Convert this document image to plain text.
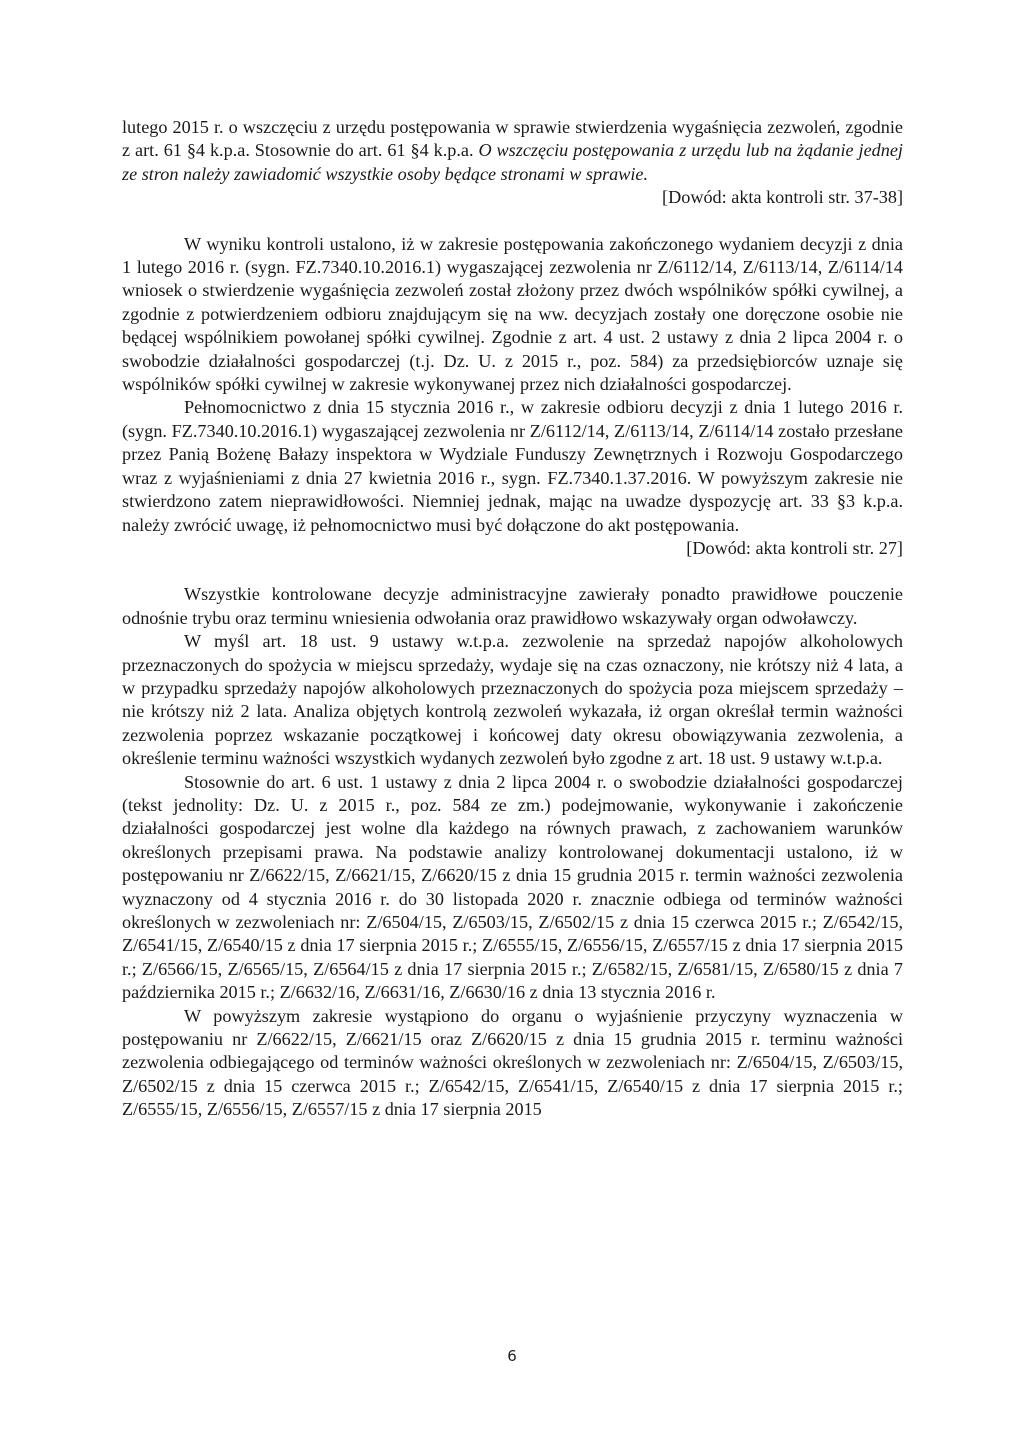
lutego 2015 r. o wszczęciu z urzędu postępowania w sprawie stwierdzenia wygaśnięcia zezwoleń, zgodnie z art. 61 §4 k.p.a. Stosownie do art. 61 §4 k.p.a. O wszczęciu postępowania z urzędu lub na żądanie jednej ze stron należy zawiadomić wszystkie osoby będące stronami w sprawie.

[Dowód: akta kontroli str. 37-38]

W wyniku kontroli ustalono, iż w zakresie postępowania zakończonego wydaniem decyzji z dnia 1 lutego 2016 r. (sygn. FZ.7340.10.2016.1) wygaszającej zezwolenia nr Z/6112/14, Z/6113/14, Z/6114/14 wniosek o stwierdzenie wygaśnięcia zezwoleń został złożony przez dwóch wspólników spółki cywilnej, a zgodnie z potwierdzeniem odbioru znajdującym się na ww. decyzjach zostały one doręczone osobie nie będącej wspólnikiem powołanej spółki cywilnej. Zgodnie z art. 4 ust. 2 ustawy z dnia 2 lipca 2004 r. o swobodzie działalności gospodarczej (t.j. Dz. U. z 2015 r., poz. 584) za przedsiębiorców uznaje się wspólników spółki cywilnej w zakresie wykonywanej przez nich działalności gospodarczej.

Pełnomocnictwo z dnia 15 stycznia 2016 r., w zakresie odbioru decyzji z dnia 1 lutego 2016 r. (sygn. FZ.7340.10.2016.1) wygaszającej zezwolenia nr Z/6112/14, Z/6113/14, Z/6114/14 zostało przesłane przez Panią Bożenę Bałazy inspektora w Wydziale Funduszy Zewnętrznych i Rozwoju Gospodarczego wraz z wyjaśnieniami z dnia 27 kwietnia 2016 r., sygn. FZ.7340.1.37.2016. W powyższym zakresie nie stwierdzono zatem nieprawidłowości. Niemniej jednak, mając na uwadze dyspozycję art. 33 §3 k.p.a. należy zwrócić uwagę, iż pełnomocnictwo musi być dołączone do akt postępowania.

[Dowód: akta kontroli str. 27]

Wszystkie kontrolowane decyzje administracyjne zawierały ponadto prawidłowe pouczenie odnośnie trybu oraz terminu wniesienia odwołania oraz prawidłowo wskazywały organ odwoławczy.

W myśl art. 18 ust. 9 ustawy w.t.p.a. zezwolenie na sprzedaż napojów alkoholowych przeznaczonych do spożycia w miejscu sprzedaży, wydaje się na czas oznaczony, nie krótszy niż 4 lata, a w przypadku sprzedaży napojów alkoholowych przeznaczonych do spożycia poza miejscem sprzedaży – nie krótszy niż 2 lata. Analiza objętych kontrolą zezwoleń wykazała, iż organ określał termin ważności zezwolenia poprzez wskazanie początkowej i końcowej daty okresu obowiązywania zezwolenia, a określenie terminu ważności wszystkich wydanych zezwoleń było zgodne z art. 18 ust. 9 ustawy w.t.p.a.

Stosownie do art. 6 ust. 1 ustawy z dnia 2 lipca 2004 r. o swobodzie działalności gospodarczej (tekst jednolity: Dz. U. z 2015 r., poz. 584 ze zm.) podejmowanie, wykonywanie i zakończenie działalności gospodarczej jest wolne dla każdego na równych prawach, z zachowaniem warunków określonych przepisami prawa. Na podstawie analizy kontrolowanej dokumentacji ustalono, iż w postępowaniu nr Z/6622/15, Z/6621/15, Z/6620/15 z dnia 15 grudnia 2015 r. termin ważności zezwolenia wyznaczony od 4 stycznia 2016 r. do 30 listopada 2020 r. znacznie odbiega od terminów ważności określonych w zezwoleniach nr: Z/6504/15, Z/6503/15, Z/6502/15 z dnia 15 czerwca 2015 r.; Z/6542/15, Z/6541/15, Z/6540/15 z dnia 17 sierpnia 2015 r.; Z/6555/15, Z/6556/15, Z/6557/15 z dnia 17 sierpnia 2015 r.; Z/6566/15, Z/6565/15, Z/6564/15 z dnia 17 sierpnia 2015 r.; Z/6582/15, Z/6581/15, Z/6580/15 z dnia 7 października 2015 r.; Z/6632/16, Z/6631/16, Z/6630/16 z dnia 13 stycznia 2016 r.

W powyższym zakresie wystąpiono do organu o wyjaśnienie przyczyny wyznaczenia w postępowaniu nr Z/6622/15, Z/6621/15 oraz Z/6620/15 z dnia 15 grudnia 2015 r. terminu ważności zezwolenia odbiegającego od terminów ważności określonych w zezwoleniach nr: Z/6504/15, Z/6503/15, Z/6502/15 z dnia 15 czerwca 2015 r.; Z/6542/15, Z/6541/15, Z/6540/15 z dnia 17 sierpnia 2015 r.; Z/6555/15, Z/6556/15, Z/6557/15 z dnia 17 sierpnia 2015

6
